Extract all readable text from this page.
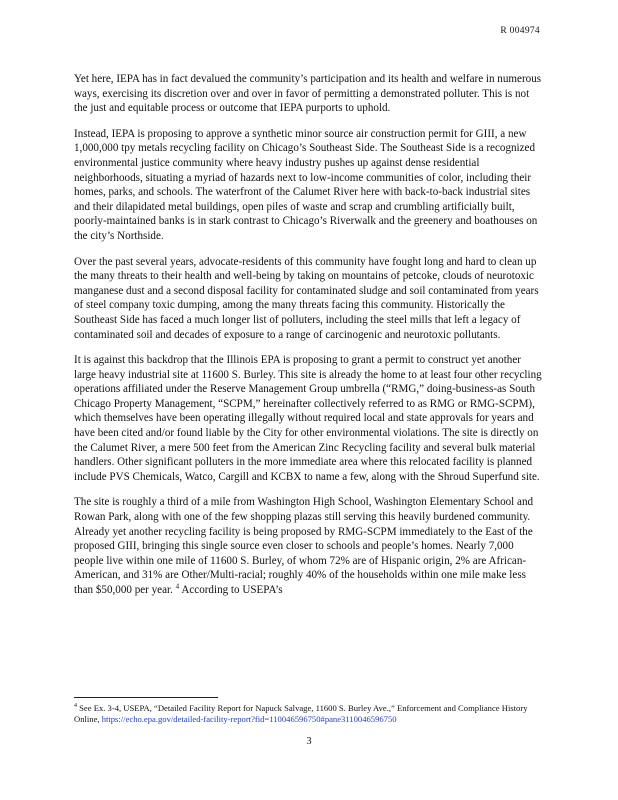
R 004974

Yet here, IEPA has in fact devalued the community’s participation and its health and welfare in numerous ways, exercising its discretion over and over in favor of permitting a demonstrated polluter. This is not the just and equitable process or outcome that IEPA purports to uphold.

Instead, IEPA is proposing to approve a synthetic minor source air construction permit for GIII, a new 1,000,000 tpy metals recycling facility on Chicago’s Southeast Side. The Southeast Side is a recognized environmental justice community where heavy industry pushes up against dense residential neighborhoods, situating a myriad of hazards next to low-income communities of color, including their homes, parks, and schools. The waterfront of the Calumet River here with back-to-back industrial sites and their dilapidated metal buildings, open piles of waste and scrap and crumbling artificially built, poorly-maintained banks is in stark contrast to Chicago’s Riverwalk and the greenery and boathouses on the city’s Northside.

Over the past several years, advocate-residents of this community have fought long and hard to clean up the many threats to their health and well-being by taking on mountains of petcoke, clouds of neurotoxic manganese dust and a second disposal facility for contaminated sludge and soil contaminated from years of steel company toxic dumping, among the many threats facing this community. Historically the Southeast Side has faced a much longer list of polluters, including the steel mills that left a legacy of contaminated soil and decades of exposure to a range of carcinogenic and neurotoxic pollutants.

It is against this backdrop that the Illinois EPA is proposing to grant a permit to construct yet another large heavy industrial site at 11600 S. Burley. This site is already the home to at least four other recycling operations affiliated under the Reserve Management Group umbrella (“RMG,” doing-business-as South Chicago Property Management, “SCPM,” hereinafter collectively referred to as RMG or RMG-SCPM), which themselves have been operating illegally without required local and state approvals for years and have been cited and/or found liable by the City for other environmental violations. The site is directly on the Calumet River, a mere 500 feet from the American Zinc Recycling facility and several bulk material handlers. Other significant polluters in the more immediate area where this relocated facility is planned include PVS Chemicals, Watco, Cargill and KCBX to name a few, along with the Shroud Superfund site.

The site is roughly a third of a mile from Washington High School, Washington Elementary School and Rowan Park, along with one of the few shopping plazas still serving this heavily burdened community. Already yet another recycling facility is being proposed by RMG-SCPM immediately to the East of the proposed GIII, bringing this single source even closer to schools and people’s homes. Nearly 7,000 people live within one mile of 11600 S. Burley, of whom 72% are of Hispanic origin, 2% are African-American, and 31% are Other/Multi-racial; roughly 40% of the households within one mile make less than $50,000 per year. $^4$ According to USEPA’s

$^4$ See Ex. 3-4, USEPA, “Detailed Facility Report for Napuck Salvage, 11600 S. Burley Ave.,” Enforcement and Compliance History Online, https://echo.epa.gov/detailed-facility-report?fid=110046596750#pane3110046596750
3
